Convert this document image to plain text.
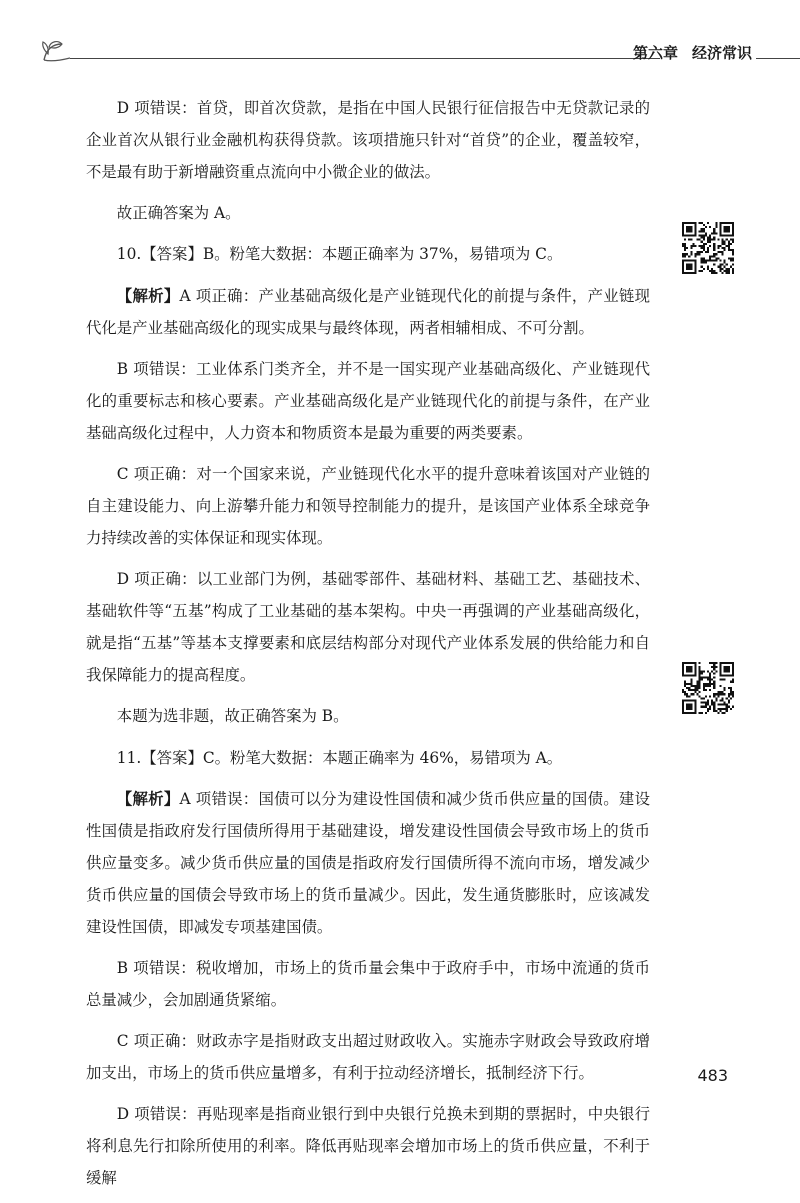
第六章 经济常识

D 项错误：首贷，即首次贷款，是指在中国人民银行征信报告中无贷款记录的企业首次从银行业金融机构获得贷款。该项措施只针对“首贷”的企业，覆盖较窄，不是最有助于新增融资重点流向中小微企业的做法。

故正确答案为 A。

10.【答案】B。粉笔大数据：本题正确率为 37%，易错项为 C。

【解析】A 项正确：产业基础高级化是产业链现代化的前提与条件，产业链现代化是产业基础高级化的现实成果与最终体现，两者相辅相成、不可分割。

B 项错误：工业体系门类齐全，并不是一国实现产业基础高级化、产业链现代化的重要标志和核心要素。产业基础高级化是产业链现代化的前提与条件，在产业基础高级化过程中，人力资本和物质资本是最为重要的两类要素。

C 项正确：对一个国家来说，产业链现代化水平的提升意味着该国对产业链的自主建设能力、向上游攀升能力和领导控制能力的提升，是该国产业体系全球竞争力持续改善的实体保证和现实体现。

D 项正确：以工业部门为例，基础零部件、基础材料、基础工艺、基础技术、基础软件等“五基”构成了工业基础的基本架构。中央一再强调的产业基础高级化，就是指“五基”等基本支撑要素和底层结构部分对现代产业体系发展的供给能力和自我保障能力的提高程度。

本题为选非题，故正确答案为 B。

11.【答案】C。粉笔大数据：本题正确率为 46%，易错项为 A。

【解析】A 项错误：国债可以分为建设性国债和减少货币供应量的国债。建设性国债是指政府发行国债所得用于基础建设，增发建设性国债会导致市场上的货币供应量变多。减少货币供应量的国债是指政府发行国债所得不流向市场，增发减少货币供应量的国债会导致市场上的货币量减少。因此，发生通货膨胀时，应该减发建设性国债，即减发专项基建国债。

B 项错误：税收增加，市场上的货币量会集中于政府手中，市场中流通的货币总量减少，会加剧通货紧缩。

C 项正确：财政赤字是指财政支出超过财政收入。实施赤字财政会导致政府增加支出，市场上的货币供应量增多，有利于拉动经济增长，抵制经济下行。

D 项错误：再贴现率是指商业银行到中央银行兑换未到期的票据时，中央银行将利息先行扣除所使用的利率。降低再贴现率会增加市场上的货币供应量，不利于缓解

483
